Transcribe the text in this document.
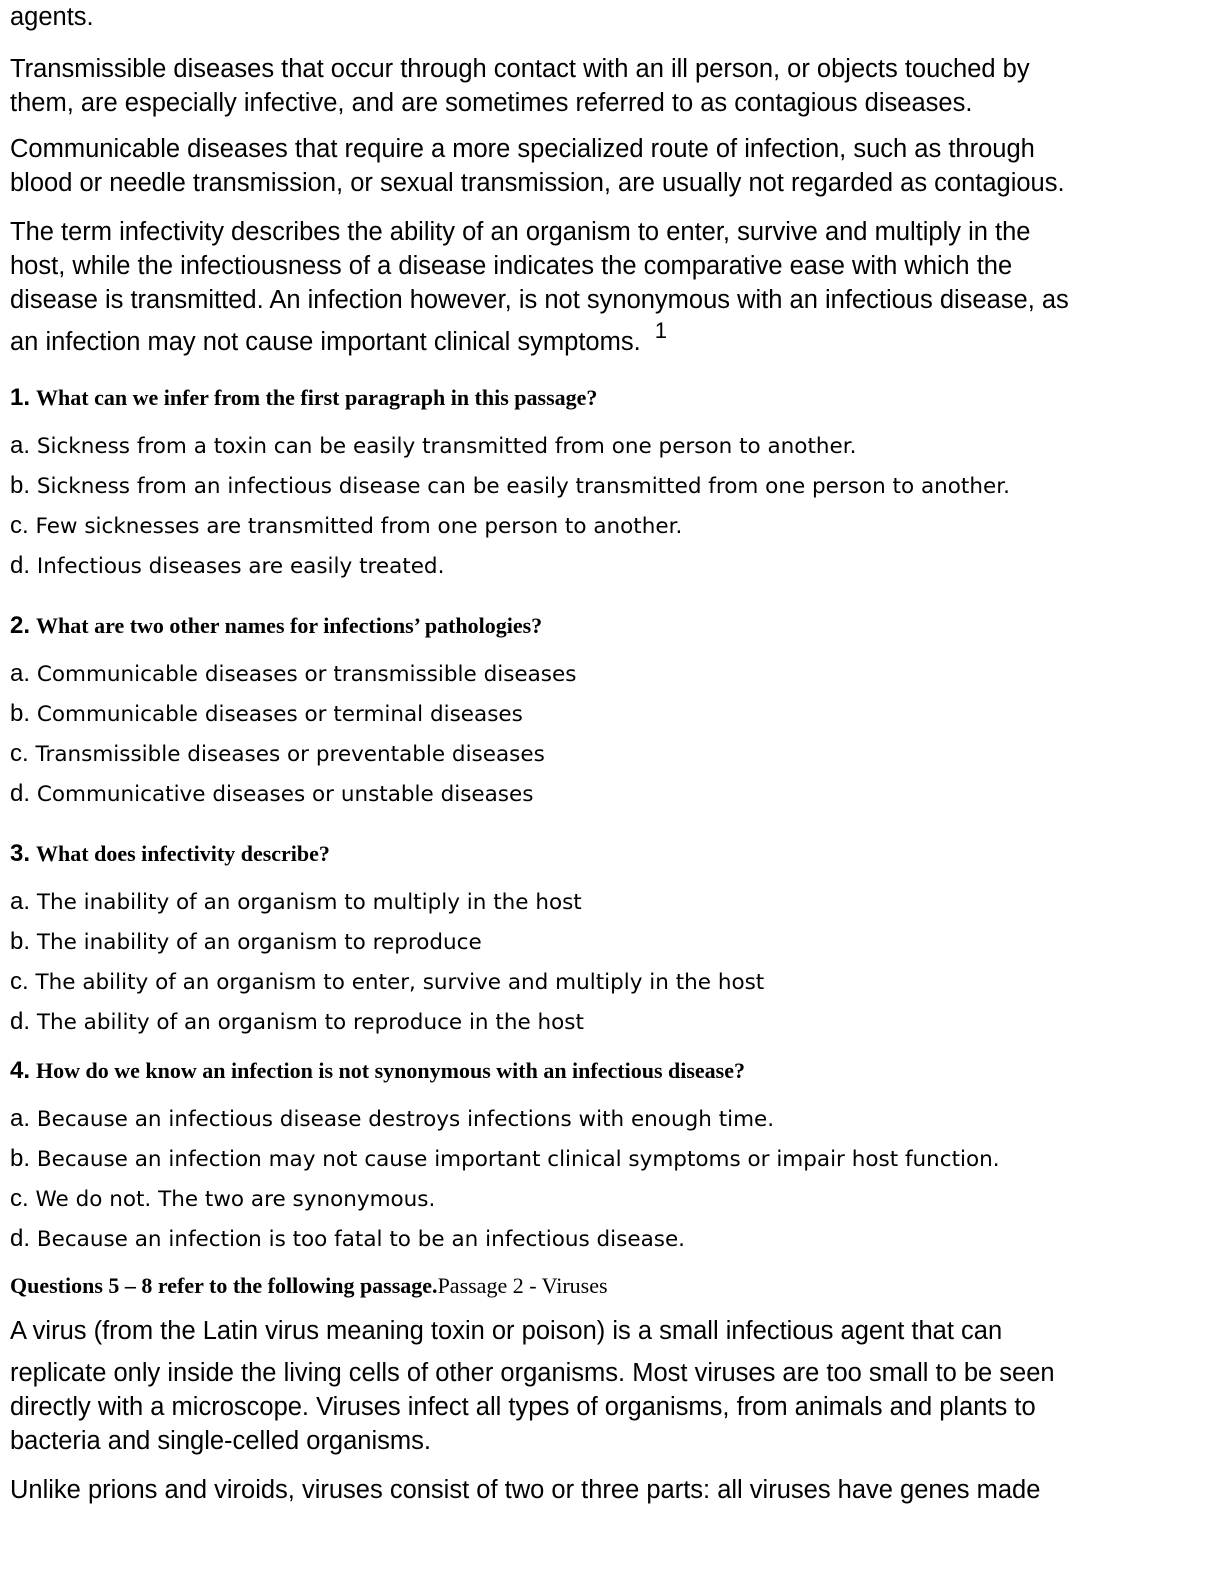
agents.

Transmissible diseases that occur through contact with an ill person, or objects touched by
them, are especially infective, and are sometimes referred to as contagious diseases.

Communicable diseases that require a more specialized route of infection, such as through
blood or needle transmission, or sexual transmission, are usually not regarded as contagious.

The term infectivity describes the ability of an organism to enter, survive and multiply in the
host, while the infectiousness of a disease indicates the comparative ease with which the
disease is transmitted. An infection however, is not synonymous with an infectious disease, as
an infection may not cause important clinical symptoms. 1

1. What can we infer from the first paragraph in this passage?

a. Sickness from a toxin can be easily transmitted from one person to another.

b. Sickness from an infectious disease can be easily transmitted from one person to another.

c. Few sicknesses are transmitted from one person to another.

d. Infectious diseases are easily treated.

2. What are two other names for infections’ pathologies?

a. Communicable diseases or transmissible diseases

b. Communicable diseases or terminal diseases

c. Transmissible diseases or preventable diseases

d. Communicative diseases or unstable diseases

3. What does infectivity describe?

a. The inability of an organism to multiply in the host

b. The inability of an organism to reproduce

c. The ability of an organism to enter, survive and multiply in the host

d. The ability of an organism to reproduce in the host

4. How do we know an infection is not synonymous with an infectious disease?

a. Because an infectious disease destroys infections with enough time.

b. Because an infection may not cause important clinical symptoms or impair host function.

c. We do not. The two are synonymous.

d. Because an infection is too fatal to be an infectious disease.

Questions 5 – 8 refer to the following passage.Passage 2 - Viruses

A virus (from the Latin virus meaning toxin or poison) is a small infectious agent that can
replicate only inside the living cells of other organisms. Most viruses are too small to be seen
directly with a microscope. Viruses infect all types of organisms, from animals and plants to
bacteria and single-celled organisms.

Unlike prions and viroids, viruses consist of two or three parts: all viruses have genes made
